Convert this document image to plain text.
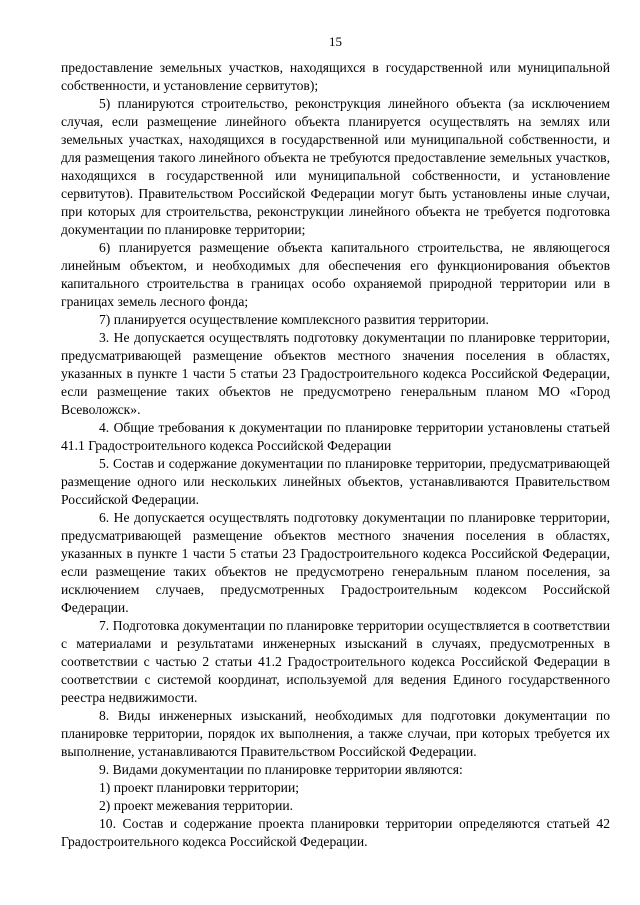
15

предоставление земельных участков, находящихся в государственной или муниципальной собственности, и установление сервитутов);

5) планируются строительство, реконструкция линейного объекта (за исключением случая, если размещение линейного объекта планируется осуществлять на землях или земельных участках, находящихся в государственной или муниципальной собственности, и для размещения такого линейного объекта не требуются предоставление земельных участков, находящихся в государственной или муниципальной собственности, и установление сервитутов). Правительством Российской Федерации могут быть установлены иные случаи, при которых для строительства, реконструкции линейного объекта не требуется подготовка документации по планировке территории;

6) планируется размещение объекта капитального строительства, не являющегося линейным объектом, и необходимых для обеспечения его функционирования объектов капитального строительства в границах особо охраняемой природной территории или в границах земель лесного фонда;

7) планируется осуществление комплексного развития территории.

3. Не допускается осуществлять подготовку документации по планировке территории, предусматривающей размещение объектов местного значения поселения в областях, указанных в пункте 1 части 5 статьи 23 Градостроительного кодекса Российской Федерации, если размещение таких объектов не предусмотрено генеральным планом МО «Город Всеволожск».

4. Общие требования к документации по планировке территории установлены статьей 41.1 Градостроительного кодекса Российской Федерации

5. Состав и содержание документации по планировке территории, предусматривающей размещение одного или нескольких линейных объектов, устанавливаются Правительством Российской Федерации.

6. Не допускается осуществлять подготовку документации по планировке территории, предусматривающей размещение объектов местного значения поселения в областях, указанных в пункте 1 части 5 статьи 23 Градостроительного кодекса Российской Федерации, если размещение таких объектов не предусмотрено генеральным планом поселения, за исключением случаев, предусмотренных Градостроительным кодексом Российской Федерации.

7. Подготовка документации по планировке территории осуществляется в соответствии с материалами и результатами инженерных изысканий в случаях, предусмотренных в соответствии с частью 2 статьи 41.2 Градостроительного кодекса Российской Федерации в соответствии с системой координат, используемой для ведения Единого государственного реестра недвижимости.

8. Виды инженерных изысканий, необходимых для подготовки документации по планировке территории, порядок их выполнения, а также случаи, при которых требуется их выполнение, устанавливаются Правительством Российской Федерации.

9. Видами документации по планировке территории являются:

1) проект планировки территории;

2) проект межевания территории.

10. Состав и содержание проекта планировки территории определяются статьей 42 Градостроительного кодекса Российской Федерации.
